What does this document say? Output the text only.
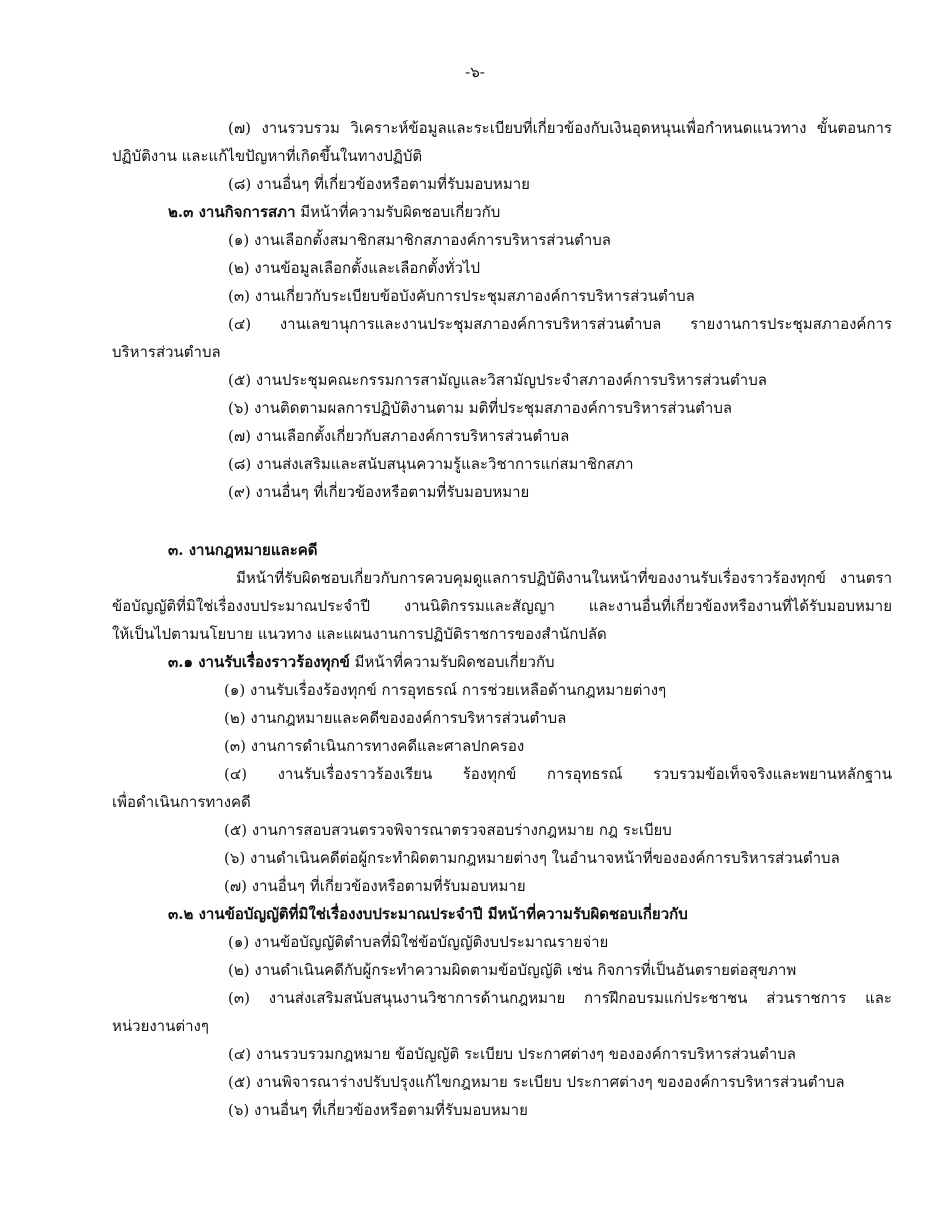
-๖-
(๗) งานรวบรวม วิเคราะห์ข้อมูลและระเบียบที่เกี่ยวข้องกับเงินอุดหนุนเพื่อกำหนดแนวทาง ขั้นตอนการ
ปฏิบัติงาน และแก้ไขปัญหาที่เกิดขึ้นในทางปฏิบัติ
(๘) งานอื่นๆ ที่เกี่ยวข้องหรือตามที่รับมอบหมาย
๒.๓ งานกิจการสภา มีหน้าที่ความรับผิดชอบเกี่ยวกับ
(๑) งานเลือกตั้งสมาชิกสมาชิกสภาองค์การบริหารส่วนตำบล
(๒) งานข้อมูลเลือกตั้งและเลือกตั้งทั่วไป
(๓) งานเกี่ยวกับระเบียบข้อบังคับการประชุมสภาองค์การบริหารส่วนตำบล
(๔) งานเลขานุการและงานประชุมสภาองค์การบริหารส่วนตำบล รายงานการประชุมสภาองค์การ
บริหารส่วนตำบล
(๕) งานประชุมคณะกรรมการสามัญและวิสามัญประจำสภาองค์การบริหารส่วนตำบล
(๖) งานติดตามผลการปฏิบัติงานตาม มติที่ประชุมสภาองค์การบริหารส่วนตำบล
(๗) งานเลือกตั้งเกี่ยวกับสภาองค์การบริหารส่วนตำบล
(๘) งานส่งเสริมและสนับสนุนความรู้และวิชาการแก่สมาชิกสภา
(๙) งานอื่นๆ ที่เกี่ยวข้องหรือตามที่รับมอบหมาย
๓. งานกฎหมายและคดี
มีหน้าที่รับผิดชอบเกี่ยวกับการควบคุมดูแลการปฏิบัติงานในหน้าที่ของงานรับเรื่องราวร้องทุกข์ งานตรา
ข้อบัญญัติที่มิใช่เรื่องงบประมาณประจำปี งานนิติกรรมและสัญญา และงานอื่นที่เกี่ยวข้องหรืองานที่ได้รับมอบหมาย
ให้เป็นไปตามนโยบาย แนวทาง และแผนงานการปฏิบัติราชการของสำนักปลัด
๓.๑ งานรับเรื่องราวร้องทุกข์ มีหน้าที่ความรับผิดชอบเกี่ยวกับ
(๑) งานรับเรื่องร้องทุกข์ การอุทธรณ์ การช่วยเหลือด้านกฎหมายต่างๆ
(๒) งานกฎหมายและคดีขององค์การบริหารส่วนตำบล
(๓) งานการดำเนินการทางคดีและศาลปกครอง
(๔) งานรับเรื่องราวร้องเรียน ร้องทุกข์ การอุทธรณ์ รวบรวมข้อเท็จจริงและพยานหลักฐาน
เพื่อดำเนินการทางคดี
(๕) งานการสอบสวนตรวจพิจารณาตรวจสอบร่างกฎหมาย กฎ ระเบียบ
(๖) งานดำเนินคดีต่อผู้กระทำผิดตามกฎหมายต่างๆ ในอำนาจหน้าที่ขององค์การบริหารส่วนตำบล
(๗) งานอื่นๆ ที่เกี่ยวข้องหรือตามที่รับมอบหมาย
๓.๒ งานข้อบัญญัติที่มิใช่เรื่องงบประมาณประจำปี มีหน้าที่ความรับผิดชอบเกี่ยวกับ
(๑) งานข้อบัญญัติตำบลที่มิใช่ข้อบัญญัติงบประมาณรายจ่าย
(๒) งานดำเนินคดีกับผู้กระทำความผิดตามข้อบัญญัติ เช่น กิจการที่เป็นอันตรายต่อสุขภาพ
(๓) งานส่งเสริมสนับสนุนงานวิชาการด้านกฎหมาย การฝึกอบรมแก่ประชาชน ส่วนราชการ และ
หน่วยงานต่างๆ
(๔) งานรวบรวมกฎหมาย ข้อบัญญัติ ระเบียบ ประกาศต่างๆ ขององค์การบริหารส่วนตำบล
(๕) งานพิจารณาร่างปรับปรุงแก้ไขกฎหมาย ระเบียบ ประกาศต่างๆ ขององค์การบริหารส่วนตำบล
(๖) งานอื่นๆ ที่เกี่ยวข้องหรือตามที่รับมอบหมาย
